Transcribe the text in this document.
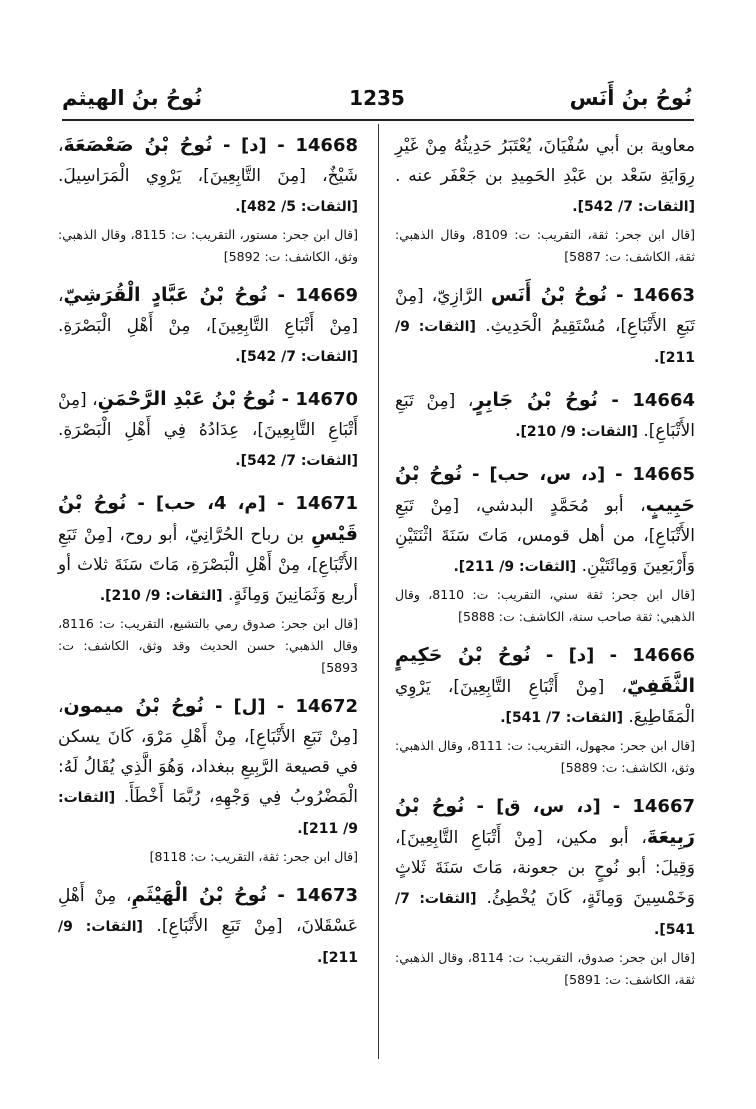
نُوحُ بنُ أَنَس
1235
نُوحُ بنُ الهيثم

معاوية بن أبي سُفْيَانَ، يُعْتَبَرُ حَدِيثُهُ مِنْ غَيْرِ رِوَايَةِ سَعْد بن عَبْدِ الحَمِيدِ بن جَعْفَر عنه . [الثقات: 7/ 542].

[قال ابن جحر: ثقة، التقريب: ت: 8109، وقال الذهبي: ثقة، الكاشف: ت: 5887]

14663 - نُوحُ بْنُ أَنَس الرَّازِيّ، [مِنْ تَبَعِ الأَتْبَاعِ]، مُسْتَقِيمُ الْحَدِيثِ. [الثقات: 9/ 211].

14664 - نُوحُ بْنُ جَابِرٍ، [مِنْ تَبَعِ الأَتْبَاعِ]. [الثقات: 9/ 210].

14665 - [د، س، حب] - نُوحُ بْنُ حَبِيبٍ، أبو مُحَمَّدٍ البدشي، [مِنْ تَبَعِ الأَتْبَاعِ]، من أهل قومس، مَاتَ سَنَةَ اثْنَتَيْنِ وَأَرْبَعِينَ وَمِائَتَيْنِ. [الثقات: 9/ 211].

[قال ابن جحر: ثقة سني، التقريب: ت: 8110، وقال الذهبي: ثقة صاحب سنة، الكاشف: ت: 5888]

14666 - [د] - نُوحُ بْنُ حَكِيمٍ الثَّقَفِيّ، [مِنْ أَتْبَاعِ التَّابِعِينَ]، يَرْوِي الْمَقَاطِيعَ. [الثقات: 7/ 541].

[قال ابن جحر: مجهول، التقريب: ت: 8111، وقال الذهبي: وثق، الكاشف: ت: 5889]

14667 - [د، س، ق] - نُوحُ بْنُ رَبِيعَةَ، أبو مكين، [مِنْ أَتْبَاعِ التَّابِعِينَ]، وَقِيلَ: أبو نُوحٍ بن جعونة، مَاتَ سَنَةَ ثَلاثٍ وَخَمْسِينَ وَمِائَةٍ، كَانَ يُخْطِئُ. [الثقات: 7/ 541].

[قال ابن جحر: صدوق، التقريب: ت: 8114، وقال الذهبي: ثقة، الكاشف: ت: 5891]

14668 - [د] - نُوحُ بْنُ صَعْصَعَةَ، شَيْخٌ، [مِنَ التَّابِعِينَ]، يَرْوِي الْمَرَاسِيلَ. [الثقات: 5/ 482].

[قال ابن جحر: مستور، التقريب: ت: 8115، وقال الذهبي: وثق، الكاشف: ت: 5892]

14669 - نُوحُ بْنُ عَبَّادٍ الْقُرَشِيّ، [مِنْ أَتْبَاعِ التَّابِعِينَ]، مِنْ أَهْلِ الْبَصْرَةِ. [الثقات: 7/ 542].

14670 - نُوحُ بْنُ عَبْدِ الرَّحْمَنِ، [مِنْ أَتْبَاعِ التَّابِعِينَ]، عِدَادُهُ فِي أَهْلِ الْبَصْرَةِ. [الثقات: 7/ 542].

14671 - [م، 4، حب] - نُوحُ بْنُ قَيْسِ بن رباح الحُرَّانِيّ، أبو روح، [مِنْ تَبَعِ الأَتْبَاعِ]، مِنْ أَهْلِ الْبَصْرَةِ، مَاتَ سَنَةَ ثلاث أو أربع وَثَمَانِينَ وَمِائَةٍ. [الثقات: 9/ 210].

[قال ابن جحر: صدوق رمي بالتشيع، التقريب: ت: 8116، وقال الذهبي: حسن الحديث وقد وثق، الكاشف: ت: 5893]

14672 - [ل] - نُوحُ بْنُ ميمون، [مِنْ تَبَعِ الأَتْبَاعِ]، مِنْ أَهْلِ مَرْوَ، كَانَ يسكن في قصيعة الرَّبِيعِ ببغداد، وَهُوَ الَّذِي يُقَالُ لَهُ: الْمَضْرُوبُ فِي وَجْهِهِ، رُبَّمَا أَخْطَأَ. [الثقات: 9/ 211].

[قال ابن جحر: ثقة، التقريب: ت: 8118]

14673 - نُوحُ بْنُ الْهَيْثَمِ، مِنْ أَهْلِ عَسْقَلانَ، [مِنْ تَبَعِ الأَتْبَاعِ]. [الثقات: 9/ 211].
